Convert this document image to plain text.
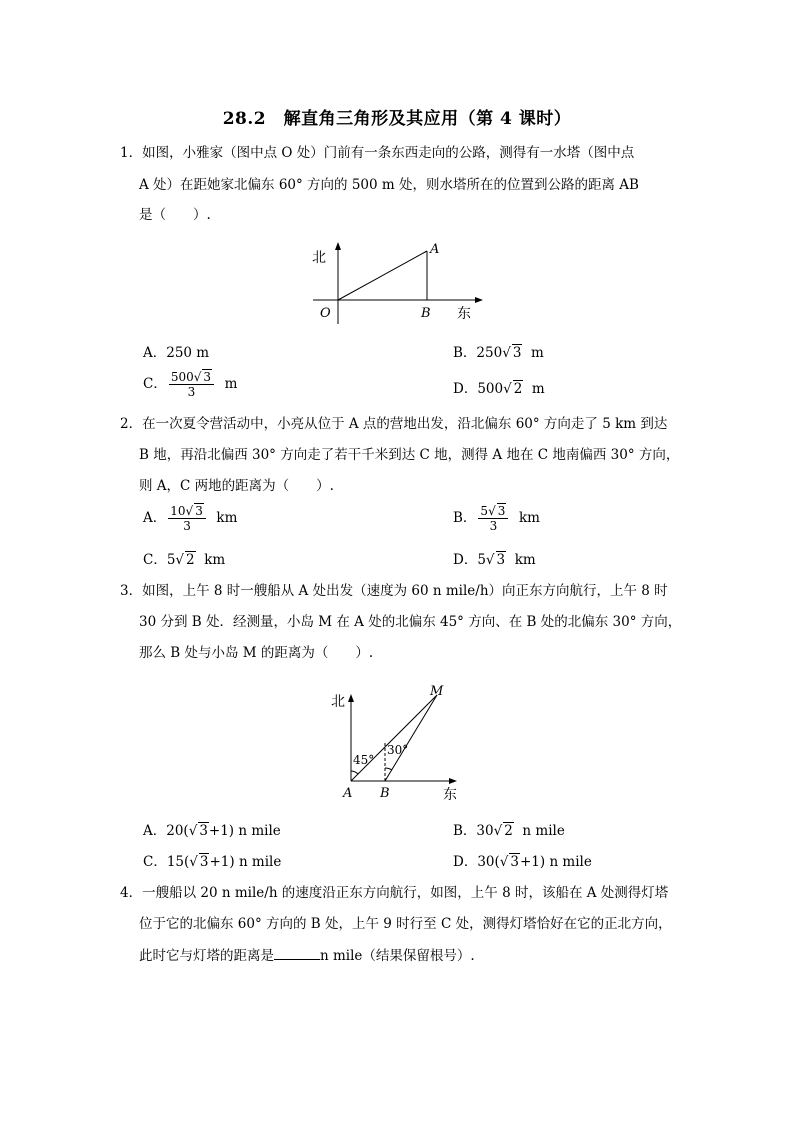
28.2　解直角三角形及其应用（第 4 课时）
1．如图，小雅家（图中点 O 处）门前有一条东西走向的公路，测得有一水塔（图中点
A 处）在距她家北偏东 60° 方向的 500 m 处，则水塔所在的位置到公路的距离 AB
是（　　）.
北
东
O
A
B
A．250 m	B．250√ 3 m
C． $\frac{500√ 3}{3}$ m	D．500√ 2 m
2．在一次夏令营活动中，小亮从位于 A 点的营地出发，沿北偏东 60° 方向走了 5 km 到达
B 地，再沿北偏西 30° 方向走了若干千米到达 C 地，测得 A 地在 C 地南偏西 30° 方向，
则 A，C 两地的距离为（　　）.
A． $\frac{10√ 3}{3}$ km	B． $\frac{5√ 3}{3}$ km
C．5√ 2 km	D．5√ 3 km
3．如图，上午 8 时一艘船从 A 处出发（速度为 60 n mile/h）向正东方向航行，上午 8 时
30 分到 B 处．经测量，小岛 M 在 A 处的北偏东 45° 方向、在 B 处的北偏东 30° 方向，
那么 B 处与小岛 M 的距离为（　　）.
北
东
A B
M
45°
30°
A．20(√ 3+1) n mile	B．30√ 2 n mile
C．15(√ 3+1) n mile	D．30(√ 3+1) n mile
4．一艘船以 20 n mile/h 的速度沿正东方向航行，如图，上午 8 时，该船在 A 处测得灯塔
位于它的北偏东 60° 方向的 B 处，上午 9 时行至 C 处，测得灯塔恰好在它的正北方向，
此时它与灯塔的距离是	n mile（结果保留根号）.
